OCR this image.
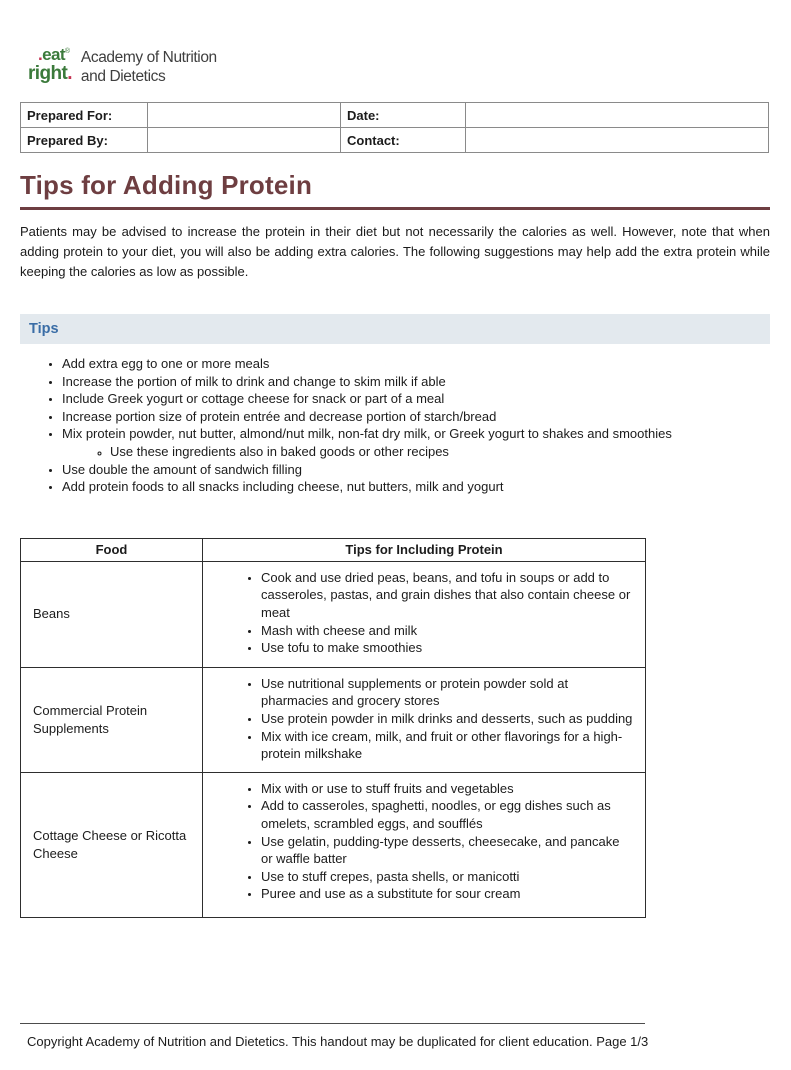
.eat®
right.
Academy of Nutrition
and Dietetics
Prepared For:		Date:	
Prepared By:		Contact:	
Tips for Adding Protein

Patients may be advised to increase the protein in their diet but not necessarily the calories as well. However, note that when adding protein to your diet, you will also be adding extra calories. The following suggestions may help add the extra protein while keeping the calories as low as possible.

Tips
• Add extra egg to one or more meals
• Increase the portion of milk to drink and change to skim milk if able
• Include Greek yogurt or cottage cheese for snack or part of a meal
• Increase portion size of protein entrée and decrease portion of starch/bread
• Mix protein powder, nut butter, almond/nut milk, non-fat dry milk, or Greek yogurt to shakes and smoothies
◦ Use these ingredients also in baked goods or other recipes
• Use double the amount of sandwich filling
• Add protein foods to all snacks including cheese, nut butters, milk and yogurt
Food	Tips for Including Protein
Beans	
• Cook and use dried peas, beans, and tofu in soups or add to casseroles, pastas, and grain dishes that also contain cheese or meat
• Mash with cheese and milk
• Use tofu to make smoothies

Commercial Protein Supplements	
• Use nutritional supplements or protein powder sold at pharmacies and grocery stores
• Use protein powder in milk drinks and desserts, such as pudding
• Mix with ice cream, milk, and fruit or other flavorings for a high-protein milkshake

Cottage Cheese or Ricotta Cheese	
• Mix with or use to stuff fruits and vegetables
• Add to casseroles, spaghetti, noodles, or egg dishes such as omelets, scrambled eggs, and soufflés
• Use gelatin, pudding-type desserts, cheesecake, and pancake or waffle batter
• Use to stuff crepes, pasta shells, or manicotti
• Puree and use as a substitute for sour cream
Copyright Academy of Nutrition and Dietetics. This handout may be duplicated for client education. Page 1/3
